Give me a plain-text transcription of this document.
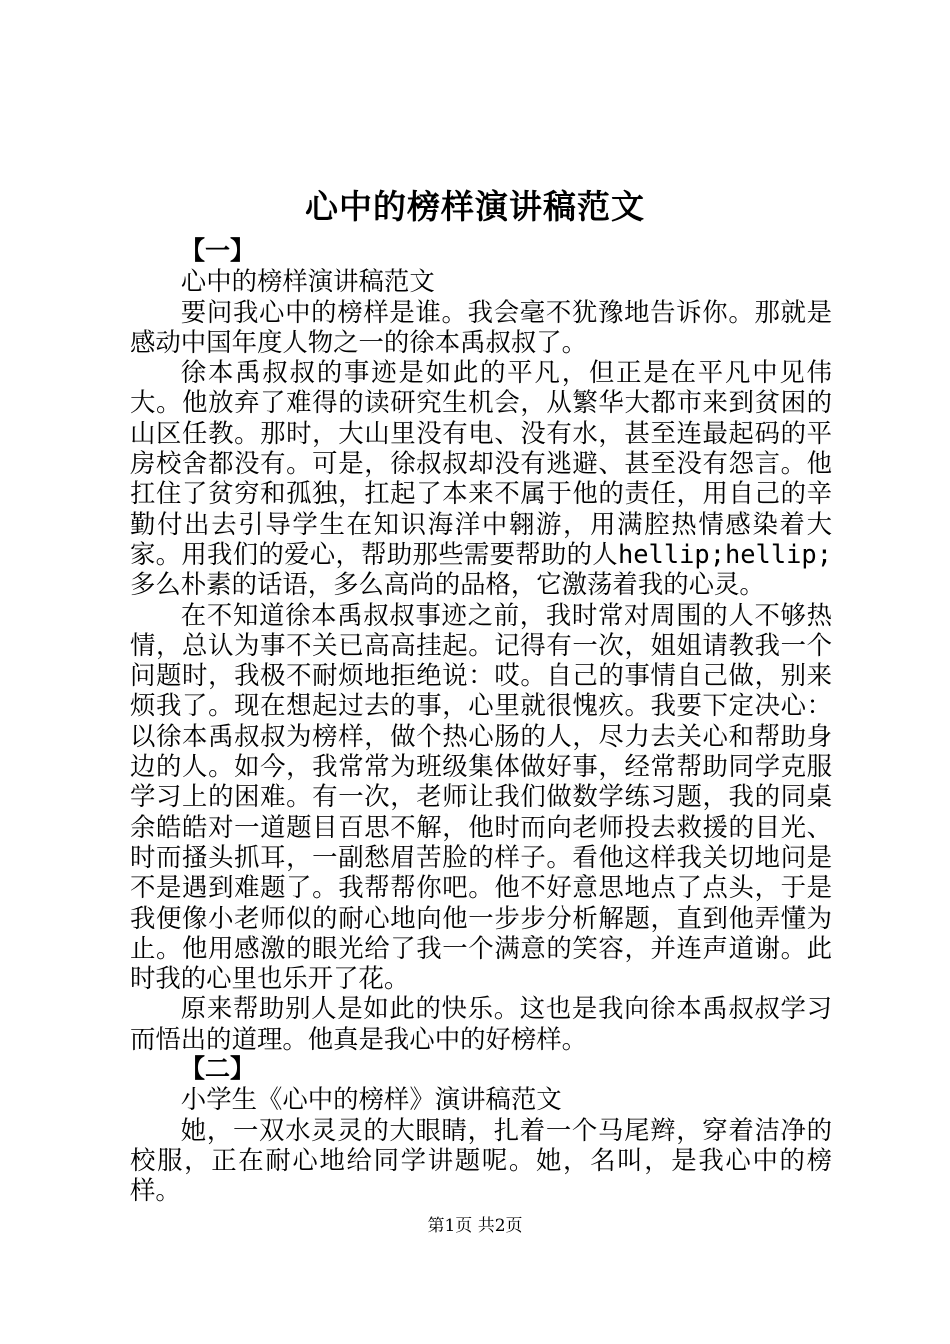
心中的榜样演讲稿范文
【一】
心中的榜样演讲稿范文

要问我心中的榜样是谁。我会毫不犹豫地告诉你。那就是感动中国年度人物之一的徐本禹叔叔了。

徐本禹叔叔的事迹是如此的平凡，但正是在平凡中见伟大。他放弃了难得的读研究生机会，从繁华大都市来到贫困的山区任教。那时，大山里没有电、没有水，甚至连最起码的平房校舍都没有。可是，徐叔叔却没有逃避、甚至没有怨言。他扛住了贫穷和孤独，扛起了本来不属于他的责任，用自己的辛勤付出去引导学生在知识海洋中翱游，用满腔热情感染着大家。用我们的爱心，帮助那些需要帮助的人hellip;hellip;多么朴素的话语，多么高尚的品格，它激荡着我的心灵。

在不知道徐本禹叔叔事迹之前，我时常对周围的人不够热情，总认为事不关已高高挂起。记得有一次，姐姐请教我一个问题时，我极不耐烦地拒绝说：哎。自己的事情自己做，别来烦我了。现在想起过去的事，心里就很愧疚。我要下定决心：以徐本禹叔叔为榜样，做个热心肠的人，尽力去关心和帮助身边的人。如今，我常常为班级集体做好事，经常帮助同学克服学习上的困难。有一次，老师让我们做数学练习题，我的同桌余皓皓对一道题目百思不解，他时而向老师投去救援的目光、时而搔头抓耳，一副愁眉苦脸的样子。看他这样我关切地问是不是遇到难题了。我帮帮你吧。他不好意思地点了点头，于是我便像小老师似的耐心地向他一步步分析解题，直到他弄懂为止。他用感激的眼光给了我一个满意的笑容，并连声道谢。此时我的心里也乐开了花。

原来帮助别人是如此的快乐。这也是我向徐本禹叔叔学习而悟出的道理。他真是我心中的好榜样。

【二】
小学生《心中的榜样》演讲稿范文

她，一双水灵灵的大眼睛，扎着一个马尾辫，穿着洁净的校服，正在耐心地给同学讲题呢。她，名叫，是我心中的榜样。

第1页 共2页
